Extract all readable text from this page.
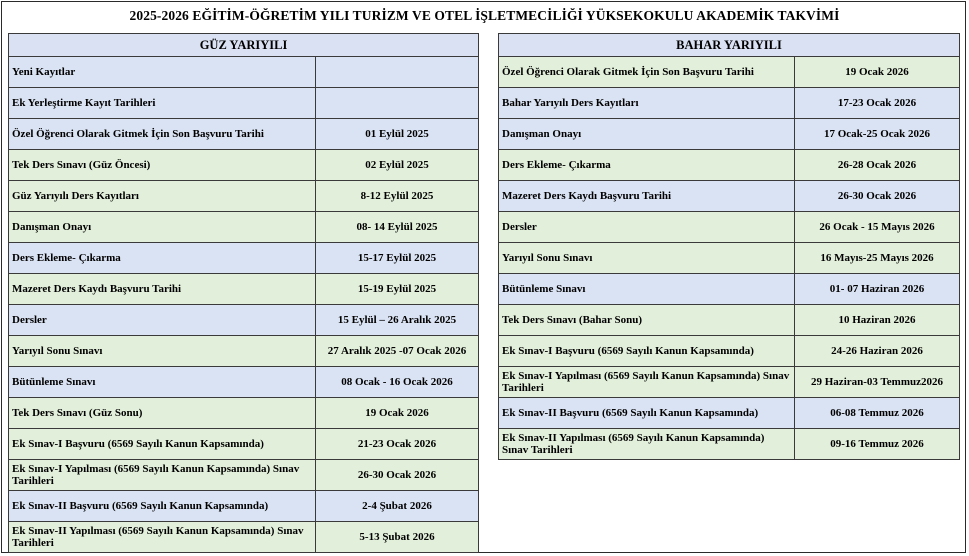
2025-2026 EĞİTİM-ÖĞRETİM YILI TURİZM VE OTEL İŞLETMECİLİĞİ YÜKSEKOKULU AKADEMİK TAKVİMİ
GÜZ YARIYILI	
Yeni Kayıtlar	
Ek Yerleştirme Kayıt Tarihleri	
Özel Öğrenci Olarak Gitmek İçin Son Başvuru Tarihi	01 Eylül 2025
Tek Ders Sınavı (Güz Öncesi)	02 Eylül 2025
Güz Yarıyılı Ders Kayıtları	8-12 Eylül 2025
Danışman Onayı	08- 14 Eylül 2025
Ders Ekleme- Çıkarma	15-17 Eylül 2025
Mazeret Ders Kaydı Başvuru Tarihi	15-19 Eylül 2025
Dersler	15 Eylül – 26 Aralık 2025
Yarıyıl Sonu Sınavı	27 Aralık 2025 -07 Ocak 2026
Bütünleme Sınavı	08 Ocak - 16 Ocak 2026
Tek Ders Sınavı (Güz Sonu)	19 Ocak 2026
Ek Sınav-I Başvuru (6569 Sayılı Kanun Kapsamında)	21-23 Ocak 2026
Ek Sınav-I Yapılması (6569 Sayılı Kanun Kapsamında) Sınav Tarihleri	26-30 Ocak 2026
Ek Sınav-II Başvuru (6569 Sayılı Kanun Kapsamında)	2-4 Şubat 2026
Ek Sınav-II Yapılması (6569 Sayılı Kanun Kapsamında) Sınav Tarihleri	5-13 Şubat 2026
BAHAR YARIYILI	
Özel Öğrenci Olarak Gitmek İçin Son Başvuru Tarihi	19 Ocak 2026
Bahar Yarıyılı Ders Kayıtları	17-23 Ocak 2026
Danışman Onayı	17 Ocak-25 Ocak 2026
Ders Ekleme- Çıkarma	26-28 Ocak 2026
Mazeret Ders Kaydı Başvuru Tarihi	26-30 Ocak 2026
Dersler	26 Ocak - 15 Mayıs 2026
Yarıyıl Sonu Sınavı	16 Mayıs-25 Mayıs 2026
Bütünleme Sınavı	01- 07 Haziran 2026
Tek Ders Sınavı (Bahar Sonu)	10 Haziran 2026
Ek Sınav-I Başvuru (6569 Sayılı Kanun Kapsamında)	24-26 Haziran 2026
Ek Sınav-I Yapılması (6569 Sayılı Kanun Kapsamında) Sınav Tarihleri	29 Haziran-03 Temmuz2026
Ek Sınav-II Başvuru (6569 Sayılı Kanun Kapsamında)	06-08 Temmuz 2026
Ek Sınav-II Yapılması (6569 Sayılı Kanun Kapsamında) Sınav Tarihleri	09-16 Temmuz 2026
